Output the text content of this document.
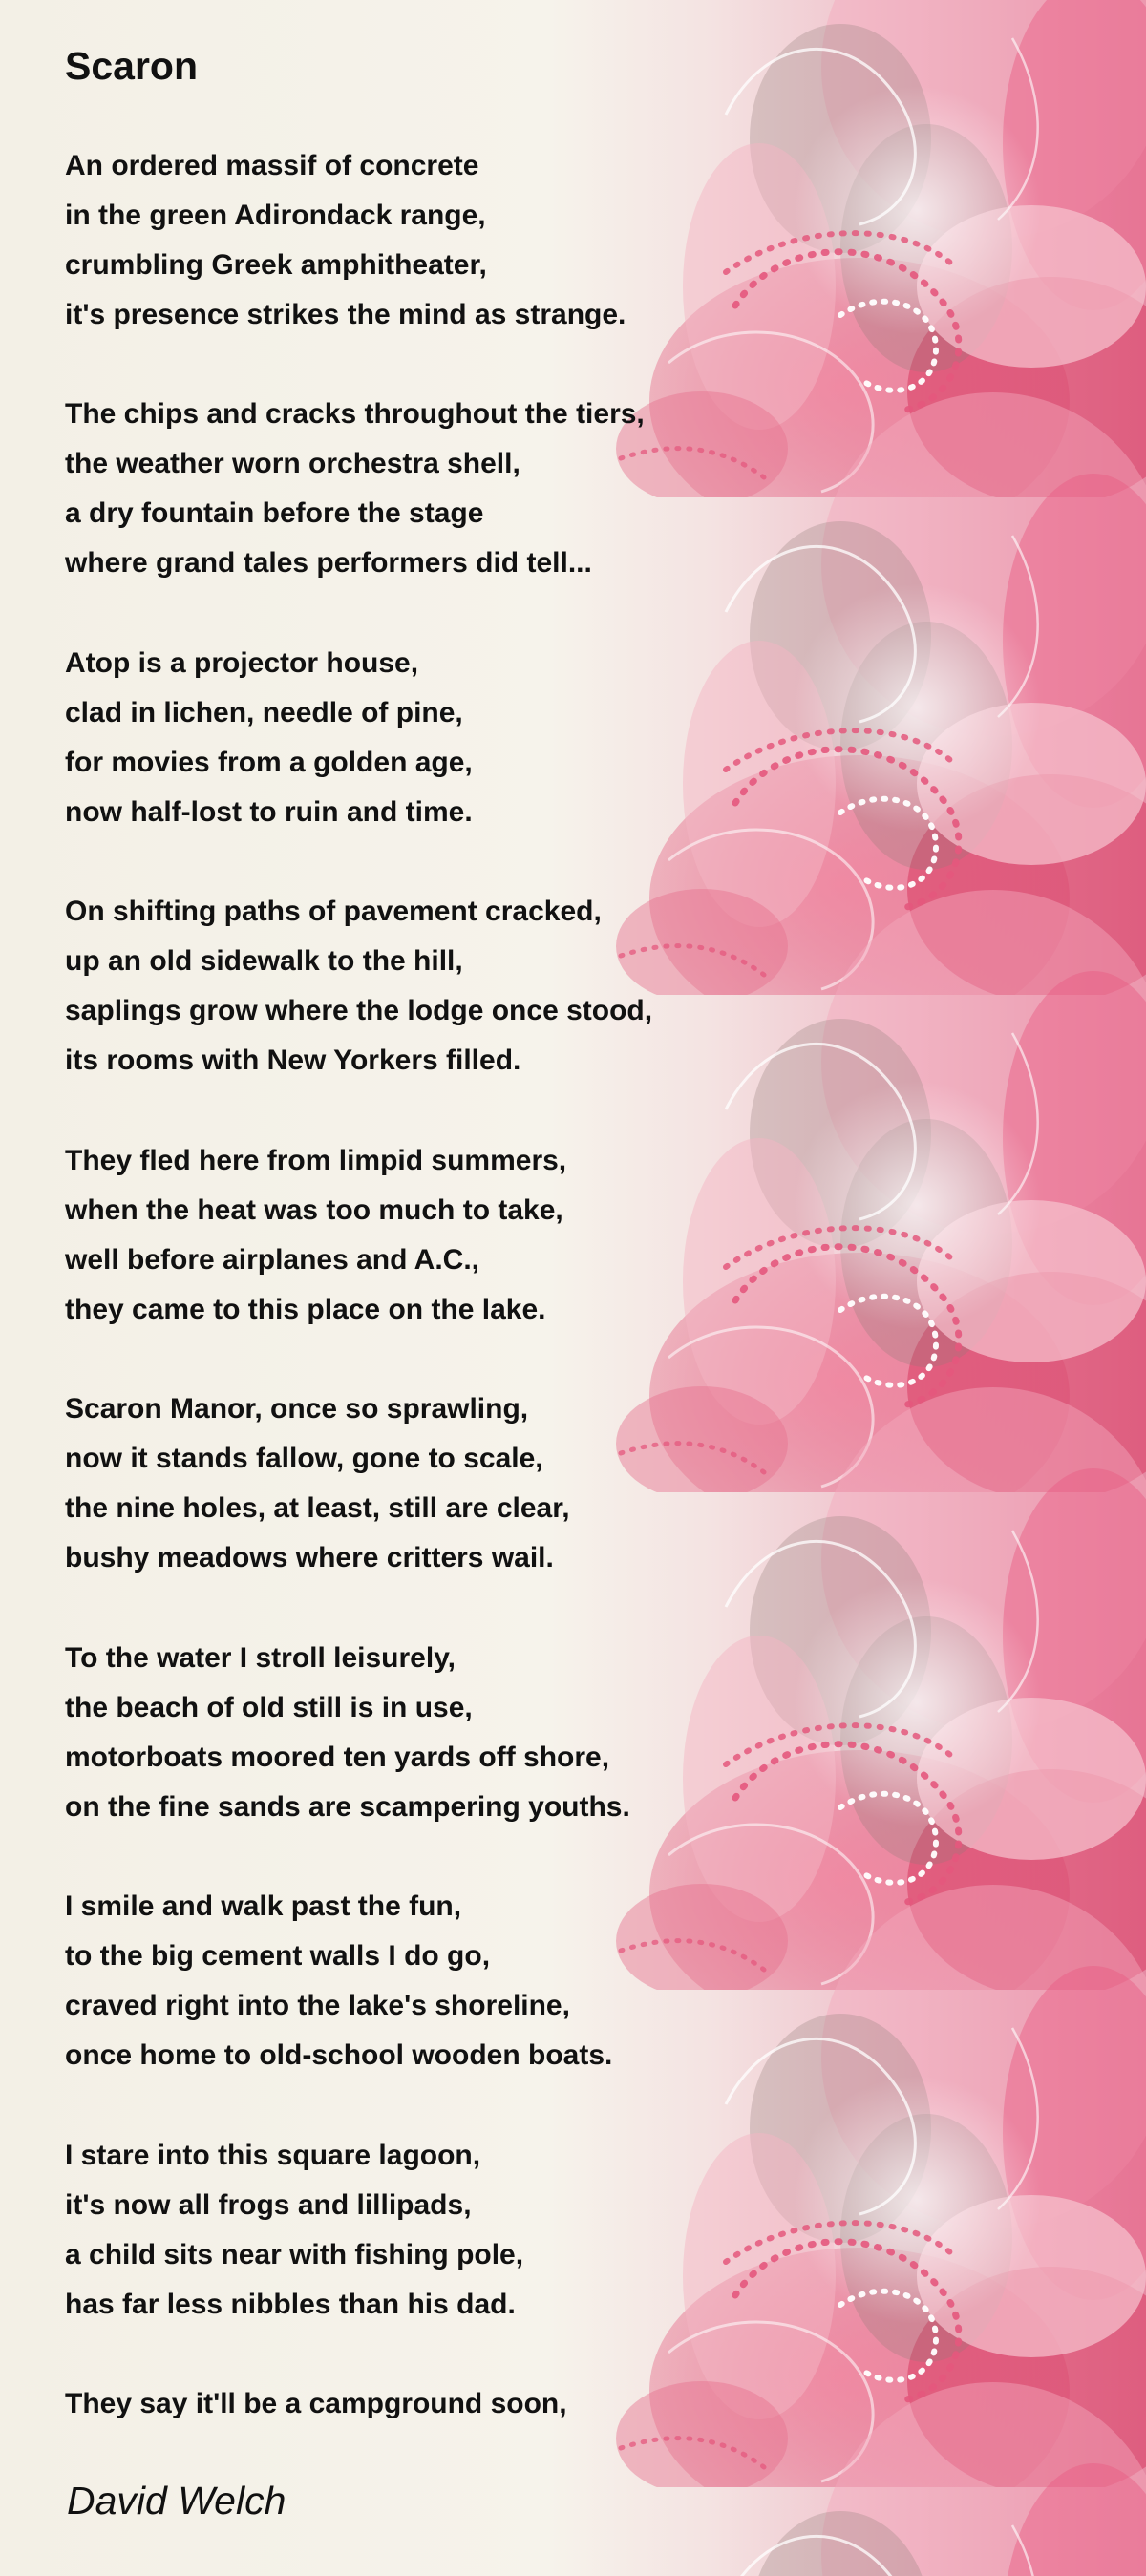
Scaron
An ordered massif of concrete
in the green Adirondack range,
crumbling Greek amphitheater,
it's presence strikes the mind as strange.
The chips and cracks throughout the tiers,
the weather worn orchestra shell,
a dry fountain before the stage
where grand tales performers did tell...
Atop is a projector house,
clad in lichen, needle of pine,
for movies from a golden age,
now half-lost to ruin and time.
On shifting paths of pavement cracked,
up an old sidewalk to the hill,
saplings grow where the lodge once stood,
its rooms with New Yorkers filled.
They fled here from limpid summers,
when the heat was too much to take,
well before airplanes and A.C.,
they came to this place on the lake.
Scaron Manor, once so sprawling,
now it stands fallow, gone to scale,
the nine holes, at least, still are clear,
bushy meadows where critters wail.
To the water I stroll leisurely,
the beach of old still is in use,
motorboats moored ten yards off shore,
on the fine sands are scampering youths.
I smile and walk past the fun,
to the big cement walls I do go,
craved right into the lake's shoreline,
once home to old-school wooden boats.
I stare into this square lagoon,
it's now all frogs and lillipads,
a child sits near with fishing pole,
has far less nibbles than his dad.
They say it'll be a campground soon,
David Welch
